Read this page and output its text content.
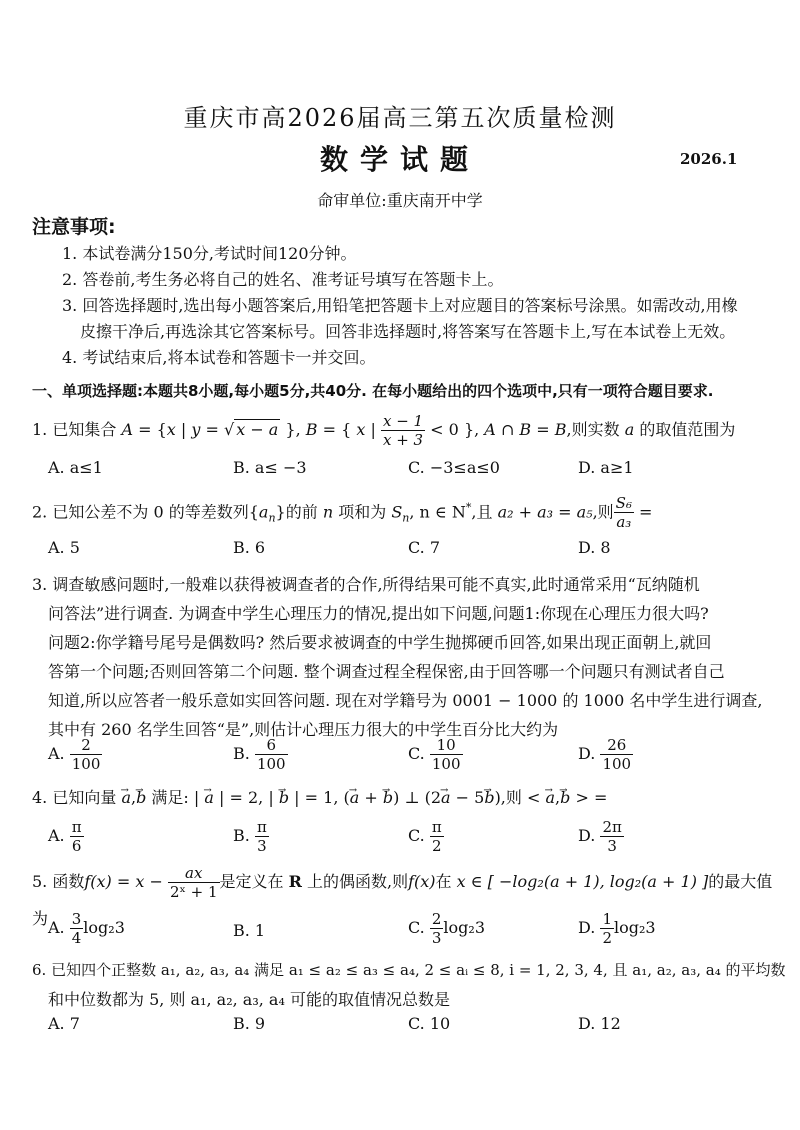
重庆市高2026届高三第五次质量检测
数学试题	2026.1
命审单位:重庆南开中学
注意事项:
1. 本试卷满分150分,考试时间120分钟。
2. 答卷前,考生务必将自己的姓名、准考证号填写在答题卡上。
3. 回答选择题时,选出每小题答案后,用铅笔把答题卡上对应题目的答案标号涂黑。如需改动,用橡
皮擦干净后,再选涂其它答案标号。回答非选择题时,将答案写在答题卡上,写在本试卷上无效。
4. 考试结束后,将本试卷和答题卡一并交回。
一、单项选择题:本题共8小题,每小题5分,共40分. 在每小题给出的四个选项中,只有一项符合题目要求.
1. 已知集合 A = {x | y = √ x − a }, B = { x | $\frac{x - 1}{x + 3} < 0$ }, A ∩ B = B,则实数 a 的取值范围为
A. a≤1	B. a≤ −3	C. −3≤a≤0	D. a≥1
2. 已知公差不为 0 的等差数列$\{a_n\}$的前 n 项和为 $S_n$, n ∈ N*,且 a₂ + a₃ = a₅,则 $\frac{\text{S₆}}{\text{a₃}}$ =
A. 5	B. 6	C. 7	D. 8
3. 调查敏感问题时,一般难以获得被调查者的合作,所得结果可能不真实,此时通常采用“瓦纳随机
问答法”进行调查. 为调查中学生心理压力的情况,提出如下问题,问题1:你现在心理压力很大吗?
问题2:你学籍号尾号是偶数吗? 然后要求被调查的中学生抛掷硬币回答,如果出现正面朝上,就回
答第一个问题;否则回答第二个问题. 整个调查过程全程保密,由于回答哪一个问题只有测试者自己
知道,所以应答者一般乐意如实回答问题. 现在对学籍号为 0001 − 1000 的 1000 名中学生进行调查,
其中有 260 名学生回答“是”,则估计心理压力很大的中学生百分比大约为
A. $\frac{2}{100}$	B. $\frac{6}{100}$	C. $\frac{10}{100}$	D. $\frac{26}{100}$
4. 已知向量 → a,→ b 满足: | → a | = 2, | → b | = 1, (→ a + → b) ⊥ (2→ a − 5→ b),则 < → a,→ b > =
A. $\frac{\pi}{6}$	B. $\frac{\pi}{3}$	C. $\frac{\pi}{2}$	D. $\frac{2\pi}{3}$
5. 函数$f(x) = x - \frac{ax}{\text{2ˣ + 1}}$ 是定义在 R 上的偶函数,则f(x)在 x ∈ [ −log₂(a + 1), log₂(a + 1) ]的最大值为 A. $\frac{3}{4} \log_23$	B. 1	C. $\frac{2}{3} \log_23$	D. $\frac{1}{2} \log_23$
6. 已知四个正整数 a₁, a₂, a₃, a₄ 满足 a₁ ≤ a₂ ≤ a₃ ≤ a₄, 2 ≤ aᵢ ≤ 8, i = 1, 2, 3, 4, 且 a₁, a₂, a₃, a₄ 的平均数
和中位数都为 5, 则 a₁, a₂, a₃, a₄ 可能的取值情况总数是
A. 7	B. 9	C. 10	D. 12
